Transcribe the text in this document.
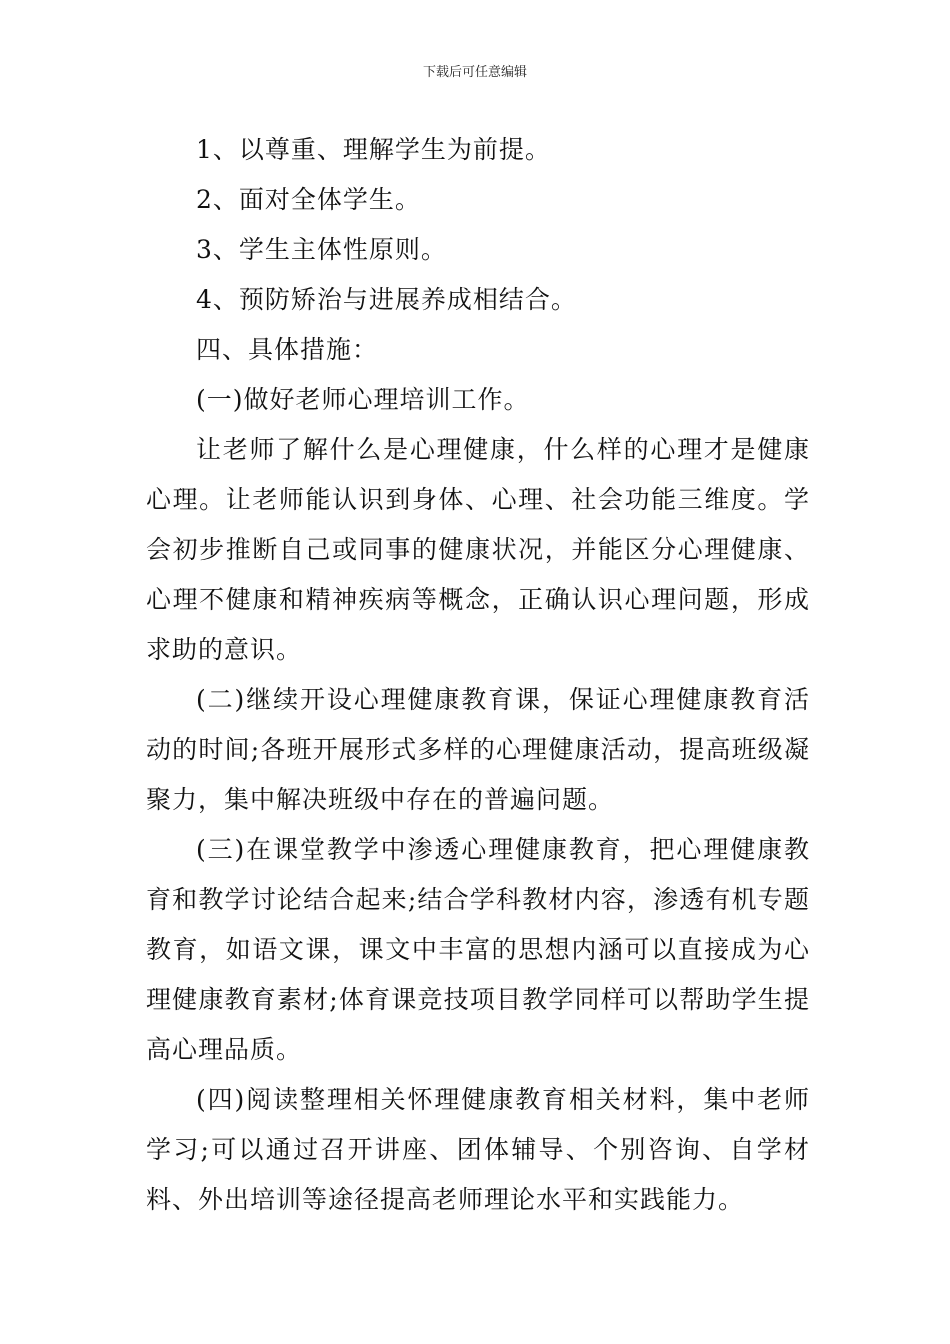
下载后可任意编辑

1、以尊重、理解学生为前提。

2、面对全体学生。

3、学生主体性原则。

4、预防矫治与进展养成相结合。

四、具体措施：

(一)做好老师心理培训工作。

让老师了解什么是心理健康，什么样的心理才是健康心理。让老师能认识到身体、心理、社会功能三维度。学会初步推断自己或同事的健康状况，并能区分心理健康、心理不健康和精神疾病等概念，正确认识心理问题，形成求助的意识。

(二)继续开设心理健康教育课，保证心理健康教育活动的时间;各班开展形式多样的心理健康活动，提高班级凝聚力，集中解决班级中存在的普遍问题。

(三)在课堂教学中渗透心理健康教育，把心理健康教育和教学讨论结合起来;结合学科教材内容，渗透有机专题教育，如语文课，课文中丰富的思想内涵可以直接成为心理健康教育素材;体育课竞技项目教学同样可以帮助学生提高心理品质。

(四)阅读整理相关怀理健康教育相关材料，集中老师学习;可以通过召开讲座、团体辅导、个别咨询、自学材料、外出培训等途径提高老师理论水平和实践能力。
